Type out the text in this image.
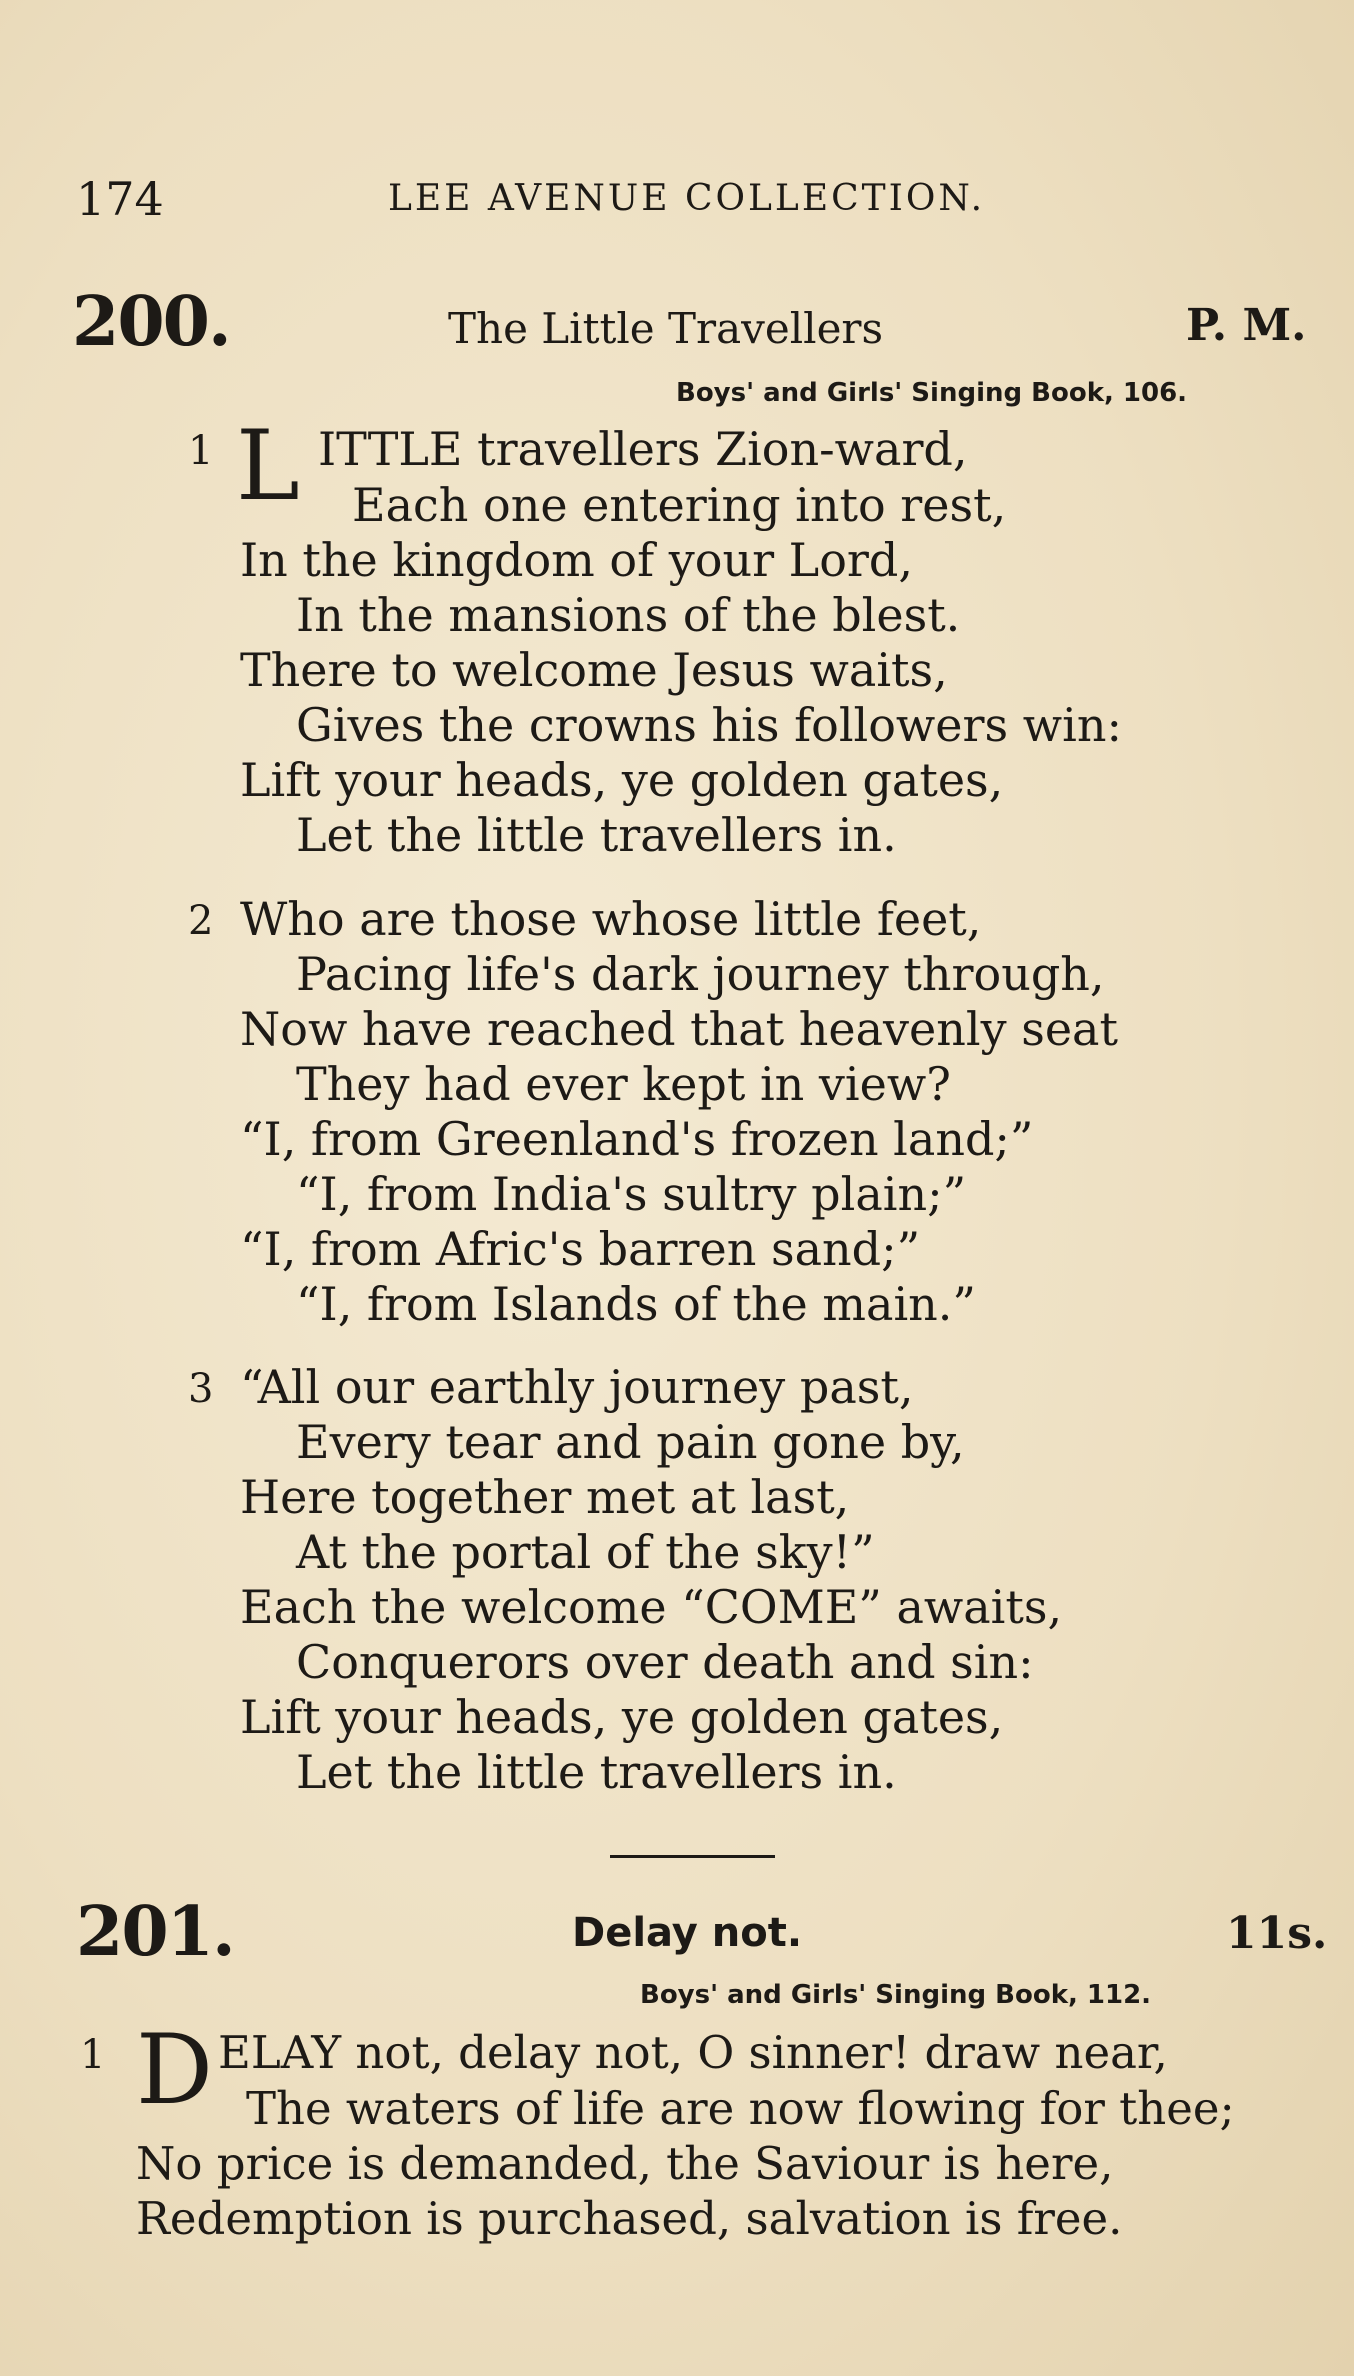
174	LEE AVENUE COLLECTION.
200.	The Little Travellers	P. M.
Boys' and Girls' Singing Book, 106.
1 L ITTLE travellers Zion-ward,
Each one entering into rest,
In the kingdom of your Lord,
In the mansions of the blest.
There to welcome Jesus waits,
Gives the crowns his followers win:
Lift your heads, ye golden gates,
Let the little travellers in.
2 Who are those whose little feet,
Pacing life's dark journey through,
Now have reached that heavenly seat
They had ever kept in view?
“I, from Greenland's frozen land;”
“I, from India's sultry plain;”
“I, from Afric's barren sand;”
“I, from Islands of the main.”
3 “All our earthly journey past,
Every tear and pain gone by,
Here together met at last,
At the portal of the sky!”
Each the welcome “COME” awaits,
Conquerors over death and sin:
Lift your heads, ye golden gates,
Let the little travellers in.
201.	Delay not.	11s.
Boys' and Girls' Singing Book, 112.
1 D ELAY not, delay not, O sinner! draw near,
The waters of life are now flowing for thee;
No price is demanded, the Saviour is here,
Redemption is purchased, salvation is free.
